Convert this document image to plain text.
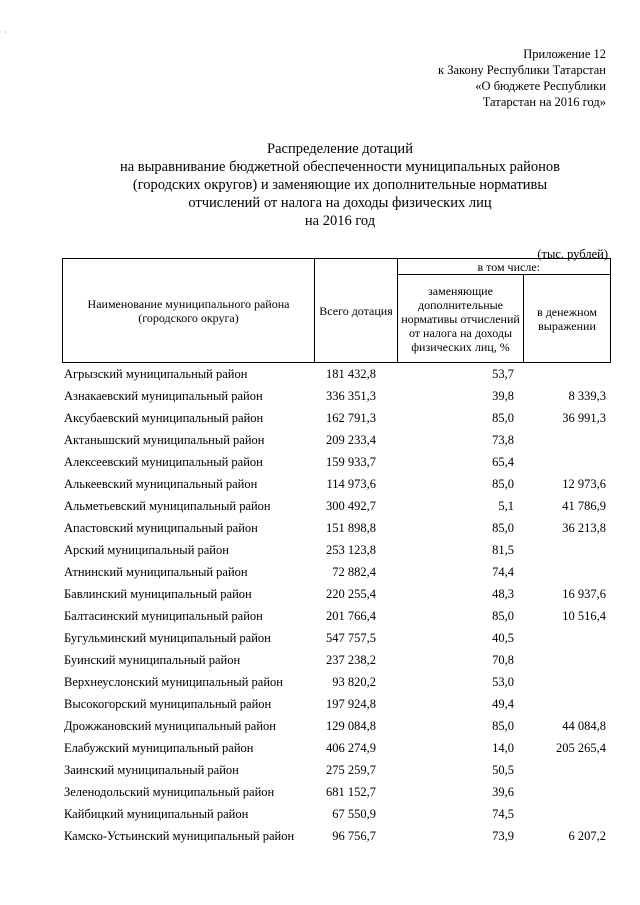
·
Приложение 12
к Закону Республики Татарстан
«О бюджете Республики
Татарстан на 2016 год»
Распределение дотаций
на выравнивание бюджетной обеспеченности муниципальных районов
(городских округов) и заменяющие их дополнительные нормативы
отчислений от налога на доходы физических лиц
на 2016 год
(тыс. рублей)
Наименование муниципального района (городского округа)	Всего дотация	в том числе:	
		заменяющие дополнительные нормативы отчислений от налога на доходы физических лиц, %	в денежном выражении
Агрызский муниципальный район	181 432,8	53,7
Азнакаевский муниципальный район	336 351,3	39,8	8 339,3
Аксубаевский муниципальный район	162 791,3	85,0	36 991,3
Актанышский муниципальный район	209 233,4	73,8
Алексеевский муниципальный район	159 933,7	65,4
Алькеевский муниципальный район	114 973,6	85,0	12 973,6
Альметьевский муниципальный район	300 492,7	5,1	41 786,9
Апастовский муниципальный район	151 898,8	85,0	36 213,8
Арский муниципальный район	253 123,8	81,5
Атнинский муниципальный район	72 882,4	74,4
Бавлинский муниципальный район	220 255,4	48,3	16 937,6
Балтасинский муниципальный район	201 766,4	85,0	10 516,4
Бугульминский муниципальный район	547 757,5	40,5
Буинский муниципальный район	237 238,2	70,8
Верхнеуслонский муниципальный район	93 820,2	53,0
Высокогорский муниципальный район	197 924,8	49,4
Дрожжановский муниципальный район	129 084,8	85,0	44 084,8
Елабужский муниципальный район	406 274,9	14,0	205 265,4
Заинский муниципальный район	275 259,7	50,5
Зеленодольский муниципальный район	681 152,7	39,6
Кайбицкий муниципальный район	67 550,9	74,5
Камско-Устьинский муниципальный район	96 756,7	73,9	6 207,2
